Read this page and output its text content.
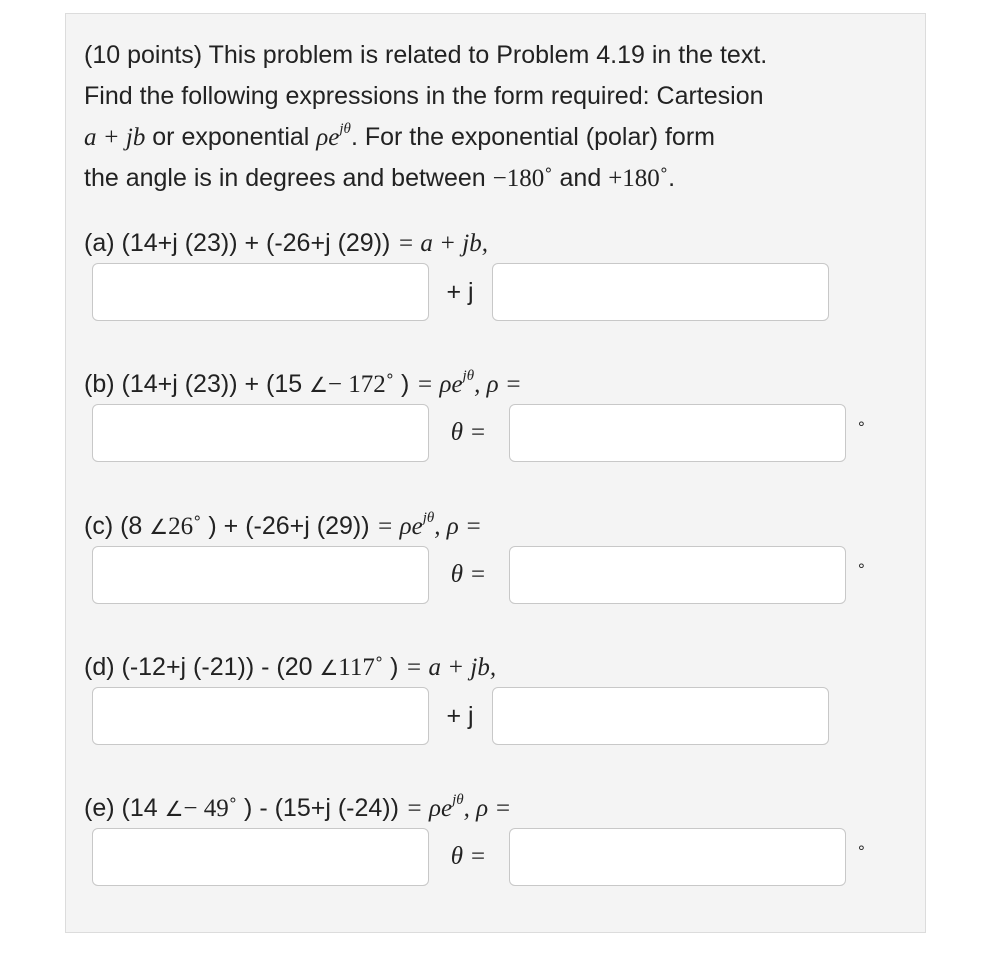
(10 points) This problem is related to Problem 4.19 in the text.
Find the following expressions in the form required: Cartesion
a + jb or exponential $\rho e^{j\theta}$. For the exponential (polar) form
the angle is in degrees and between −180˚ and +180˚.

(a) (14+j (23)) + (-26+j (29)) = a + jb,
+ j
(b) (14+j (23)) + (15 ∠− 172˚ ) = $\rho e^{j\theta}$, ρ =
θ =	°
(c) (8 ∠26˚ ) + (-26+j $(29)) = \rho e^{j\theta}$, ρ =
θ =	°
(d) (-12+j (-21)) - (20 ∠117˚ ) = a + jb,
+ j
(e) (14 ∠− 49˚ ) - (15+j $(-24)) = \rho e^{j\theta}$, ρ =
θ =	°
